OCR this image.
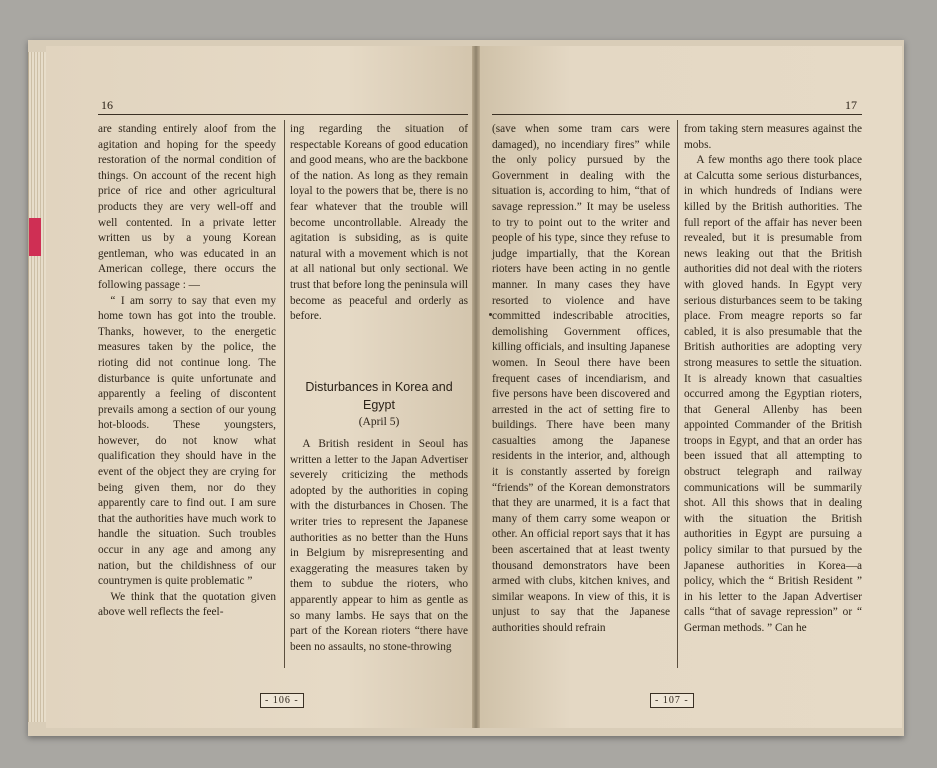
16

are standing entirely aloof from the agitation and hoping for the speedy restoration of the normal condition of things. On account of the recent high price of rice and other agricultural products they are very well-off and well contented. In a private letter written us by a young Korean gentleman, who was educated in an American college, there occurs the following passage : —

“ I am sorry to say that even my home town has got into the trouble. Thanks, however, to the energetic measures taken by the police, the rioting did not continue long. The disturbance is quite unfortunate and apparently a feeling of discontent prevails among a section of our young hot-bloods. These youngsters, however, do not know what qualification they should have in the event of the object they are crying for being given them, nor do they apparently care to find out. I am sure that the authorities have much work to handle the situation. Such troubles occur in any age and among any nation, but the childishness of our countrymen is quite problematic ”

We think that the quotation given above well reflects the feel-

ing regarding the situation of respectable Koreans of good education and good means, who are the backbone of the nation. As long as they remain loyal to the powers that be, there is no fear whatever that the trouble will become uncontrollable. Already the agitation is subsiding, as is quite natural with a movement which is not at all national but only sectional. We trust that before long the peninsula will become as peaceful and orderly as before.

Disturbances in Korea and Egypt
(April 5)

A British resident in Seoul has written a letter to the Japan Advertiser severely criticizing the methods adopted by the authorities in coping with the disturbances in Chosen. The writer tries to represent the Japanese authorities as no better than the Huns in Belgium by misrepresenting and exaggerating the measures taken by them to subdue the rioters, who apparently appear to him as gentle as so many lambs. He says that on the part of the Korean rioters “there have been no assaults, no stone-throwing

- 106 -
17

(save when some tram cars were damaged), no incendiary fires” while the only policy pursued by the Government in dealing with the situation is, according to him, “that of savage repression.” It may be useless to try to point out to the writer and people of his type, since they refuse to judge impartially, that the Korean rioters have been acting in no gentle manner. In many cases they have resorted to violence and have committed indescribable atrocities, demolishing Government offices, killing officials, and insulting Japanese women. In Seoul there have been frequent cases of incendiarism, and five persons have been discovered and arrested in the act of setting fire to buildings. There have been many casualties among the Japanese residents in the interior, and, although it is constantly asserted by foreign “friends” of the Korean demonstrators that they are unarmed, it is a fact that many of them carry some weapon or other. An official report says that it has been ascertained that at least twenty thousand demonstrators have been armed with clubs, kitchen knives, and similar weapons. In view of this, it is unjust to say that the Japanese authorities should refrain

from taking stern measures against the mobs.

A few months ago there took place at Calcutta some serious disturbances, in which hundreds of Indians were killed by the British authorities. The full report of the affair has never been revealed, but it is presumable from news leaking out that the British authorities did not deal with the rioters with gloved hands. In Egypt very serious disturbances seem to be taking place. From meagre reports so far cabled, it is also presumable that the British authorities are adopting very strong measures to settle the situation. It is already known that casualties occurred among the Egyptian rioters, that General Allenby has been appointed Commander of the British troops in Egypt, and that an order has been issued that all attempting to obstruct telegraph and railway communications will be summarily shot. All this shows that in dealing with the situation the British authorities in Egypt are pursuing a policy similar to that pursued by the Japanese authorities in Korea—a policy, which the “ British Resident ” in his letter to the Japan Advertiser calls “that of savage repression” or “ German methods. ” Can he

- 107 -
